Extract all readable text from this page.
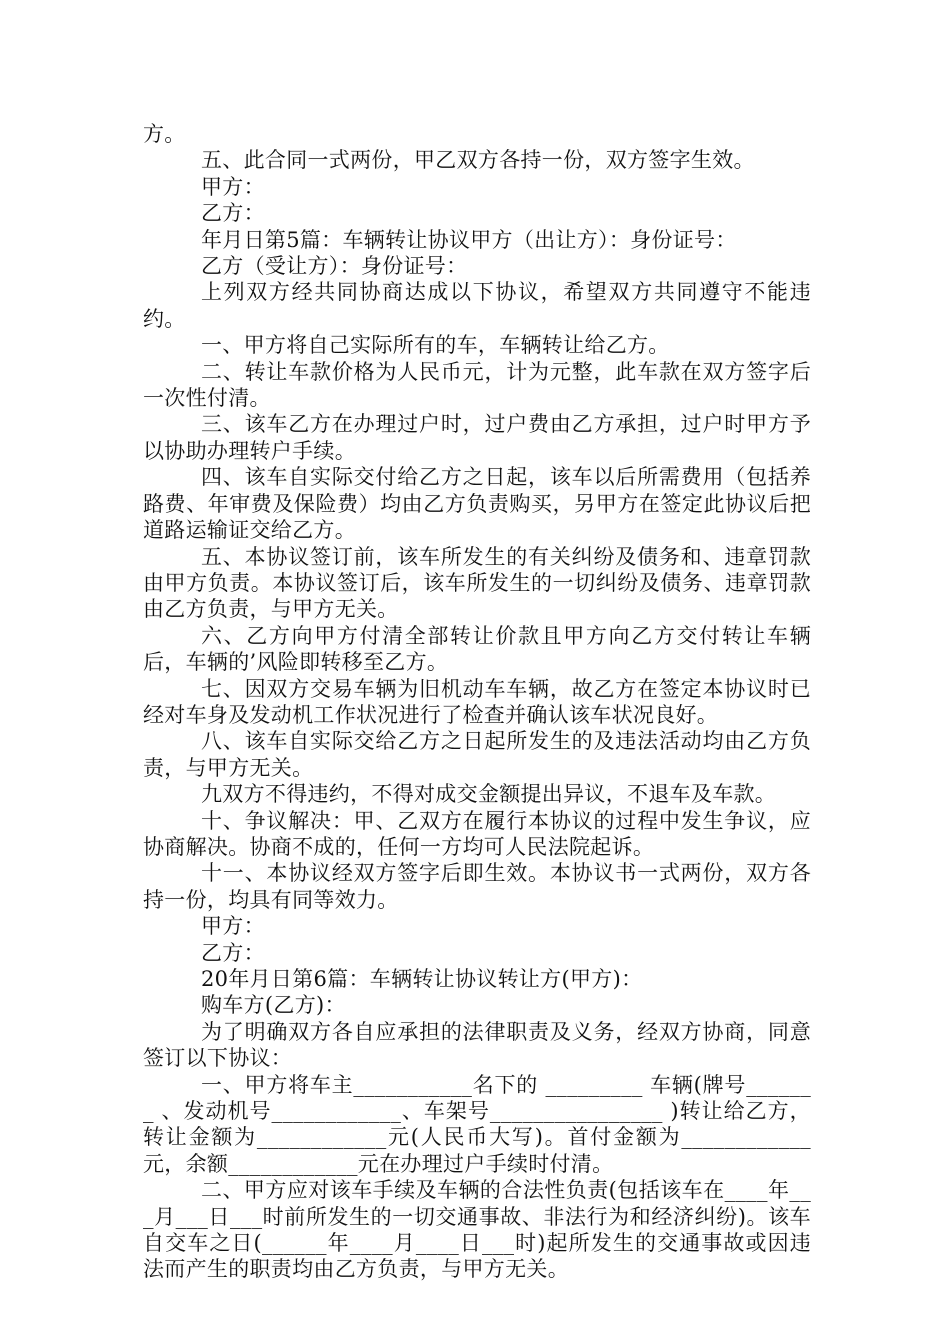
方。

五、此合同一式两份，甲乙双方各持一份，双方签字生效。

甲方：

乙方：

年月日第5篇：车辆转让协议甲方（出让方）：身份证号：

乙方（受让方）：身份证号：

上列双方经共同协商达成以下协议，希望双方共同遵守不能违约。

一、甲方将自己实际所有的车，车辆转让给乙方。

二、转让车款价格为人民币元，计为元整，此车款在双方签字后一次性付清。

三、该车乙方在办理过户时，过户费由乙方承担，过户时甲方予以协助办理转户手续。

四、该车自实际交付给乙方之日起，该车以后所需费用（包括养路费、年审费及保险费）均由乙方负责购买，另甲方在签定此协议后把道路运输证交给乙方。

五、本协议签订前，该车所发生的有关纠纷及债务和、违章罚款由甲方负责。本协议签订后，该车所发生的一切纠纷及债务、违章罚款由乙方负责，与甲方无关。

六、乙方向甲方付清全部转让价款且甲方向乙方交付转让车辆后，车辆的’风险即转移至乙方。

七、因双方交易车辆为旧机动车车辆，故乙方在签定本协议时已经对车身及发动机工作状况进行了检查并确认该车状况良好。

八、该车自实际交给乙方之日起所发生的及违法活动均由乙方负责，与甲方无关。

九双方不得违约，不得对成交金额提出异议，不退车及车款。

十、争议解决：甲、乙双方在履行本协议的过程中发生争议，应协商解决。协商不成的，任何一方均可人民法院起诉。

十一、本协议经双方签字后即生效。本协议书一式两份，双方各持一份，均具有同等效力。

甲方：

乙方：

20年月日第6篇：车辆转让协议转让方(甲方)：

购车方(乙方)：

为了明确双方各自应承担的法律职责及义务，经双方协商，同意签订以下协议：

一、甲方将车主___________名下的 _________ 车辆(牌号_______ 、发动机号____________、车架号________________ )转让给乙方，转让金额为____________元(人民币大写)。首付金额为____________元，余额____________元在办理过户手续时付清。

二、甲方应对该车手续及车辆的合法性负责(包括该车在____年___月___日___时前所发生的一切交通事故、非法行为和经济纠纷)。该车自交车之日(______年____月____日___时)起所发生的交通事故或因违法而产生的职责均由乙方负责，与甲方无关。
